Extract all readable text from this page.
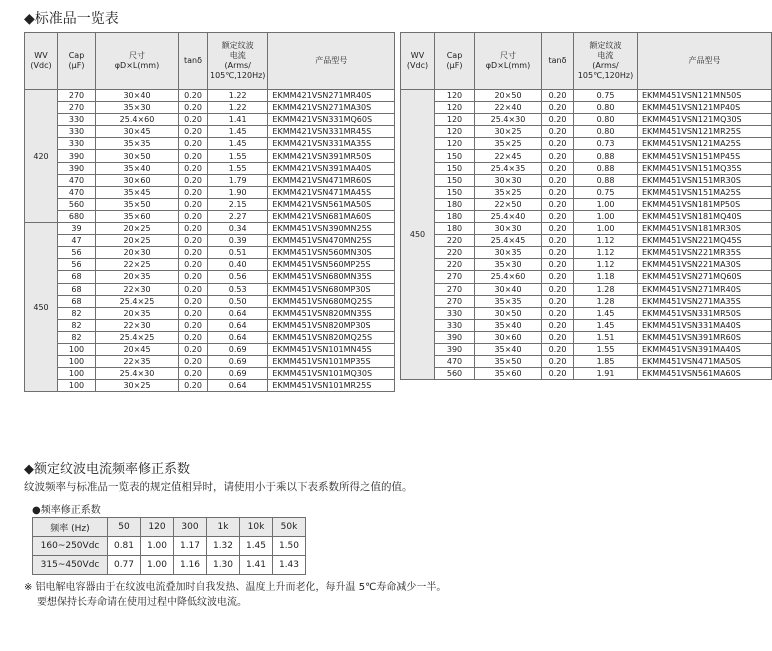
◆标准品一览表
WV
(Vdc)	Cap
(μF)	尺寸
φD×L(mm)	tanδ	额定纹波
电流
(Arms/
105℃,120Hz)	产品型号
420	270	30×40	0.20	1.22	EKMM421VSN271MR40S
	270	35×30	0.20	1.22	EKMM421VSN271MA30S
	330	25.4×60	0.20	1.41	EKMM421VSN331MQ60S
	330	30×45	0.20	1.45	EKMM421VSN331MR45S
	330	35×35	0.20	1.45	EKMM421VSN331MA35S
	390	30×50	0.20	1.55	EKMM421VSN391MR50S
	390	35×40	0.20	1.55	EKMM421VSN391MA40S
	470	30×60	0.20	1.79	EKMM421VSN471MR60S
	470	35×45	0.20	1.90	EKMM421VSN471MA45S
	560	35×50	0.20	2.15	EKMM421VSN561MA50S
	680	35×60	0.20	2.27	EKMM421VSN681MA60S
450	39	20×25	0.20	0.34	EKMM451VSN390MN25S
	47	20×25	0.20	0.39	EKMM451VSN470MN25S
	56	20×30	0.20	0.51	EKMM451VSN560MN30S
	56	22×25	0.20	0.40	EKMM451VSN560MP25S
	68	20×35	0.20	0.56	EKMM451VSN680MN35S
	68	22×30	0.20	0.53	EKMM451VSN680MP30S
	68	25.4×25	0.20	0.50	EKMM451VSN680MQ25S
	82	20×35	0.20	0.64	EKMM451VSN820MN35S
	82	22×30	0.20	0.64	EKMM451VSN820MP30S
	82	25.4×25	0.20	0.64	EKMM451VSN820MQ25S
	100	20×45	0.20	0.69	EKMM451VSN101MN45S
	100	22×35	0.20	0.69	EKMM451VSN101MP35S
	100	25.4×30	0.20	0.69	EKMM451VSN101MQ30S
	100	30×25	0.20	0.64	EKMM451VSN101MR25S
WV
(Vdc)	Cap
(μF)	尺寸
φD×L(mm)	tanδ	额定纹波
电流
(Arms/
105℃,120Hz)	产品型号
450	120	20×50	0.20	0.75	EKMM451VSN121MN50S
	120	22×40	0.20	0.80	EKMM451VSN121MP40S
	120	25.4×30	0.20	0.80	EKMM451VSN121MQ30S
	120	30×25	0.20	0.80	EKMM451VSN121MR25S
	120	35×25	0.20	0.73	EKMM451VSN121MA25S
	150	22×45	0.20	0.88	EKMM451VSN151MP45S
	150	25.4×35	0.20	0.88	EKMM451VSN151MQ35S
	150	30×30	0.20	0.88	EKMM451VSN151MR30S
	150	35×25	0.20	0.75	EKMM451VSN151MA25S
	180	22×50	0.20	1.00	EKMM451VSN181MP50S
	180	25.4×40	0.20	1.00	EKMM451VSN181MQ40S
	180	30×30	0.20	1.00	EKMM451VSN181MR30S
	220	25.4×45	0.20	1.12	EKMM451VSN221MQ45S
	220	30×35	0.20	1.12	EKMM451VSN221MR35S
	220	35×30	0.20	1.12	EKMM451VSN221MA30S
	270	25.4×60	0.20	1.18	EKMM451VSN271MQ60S
	270	30×40	0.20	1.28	EKMM451VSN271MR40S
	270	35×35	0.20	1.28	EKMM451VSN271MA35S
	330	30×50	0.20	1.45	EKMM451VSN331MR50S
	330	35×40	0.20	1.45	EKMM451VSN331MA40S
	390	30×60	0.20	1.51	EKMM451VSN391MR60S
	390	35×40	0.20	1.55	EKMM451VSN391MA40S
	470	35×50	0.20	1.85	EKMM451VSN471MA50S
	560	35×60	0.20	1.91	EKMM451VSN561MA60S
◆额定纹波电流频率修正系数
纹波频率与标准品一览表的规定值相异时，请使用小于乘以下表系数所得之值的值。
●频率修正系数
频率 (Hz)	50	120	300	1k	10k	50k
160~250Vdc	0.81	1.00	1.17	1.32	1.45	1.50
315~450Vdc	0.77	1.00	1.16	1.30	1.41	1.43
※ 铝电解电容器由于在纹波电流叠加时自我发热、温度上升而老化，每升温 5℃寿命减少一半。
要想保持长寿命请在使用过程中降低纹波电流。
